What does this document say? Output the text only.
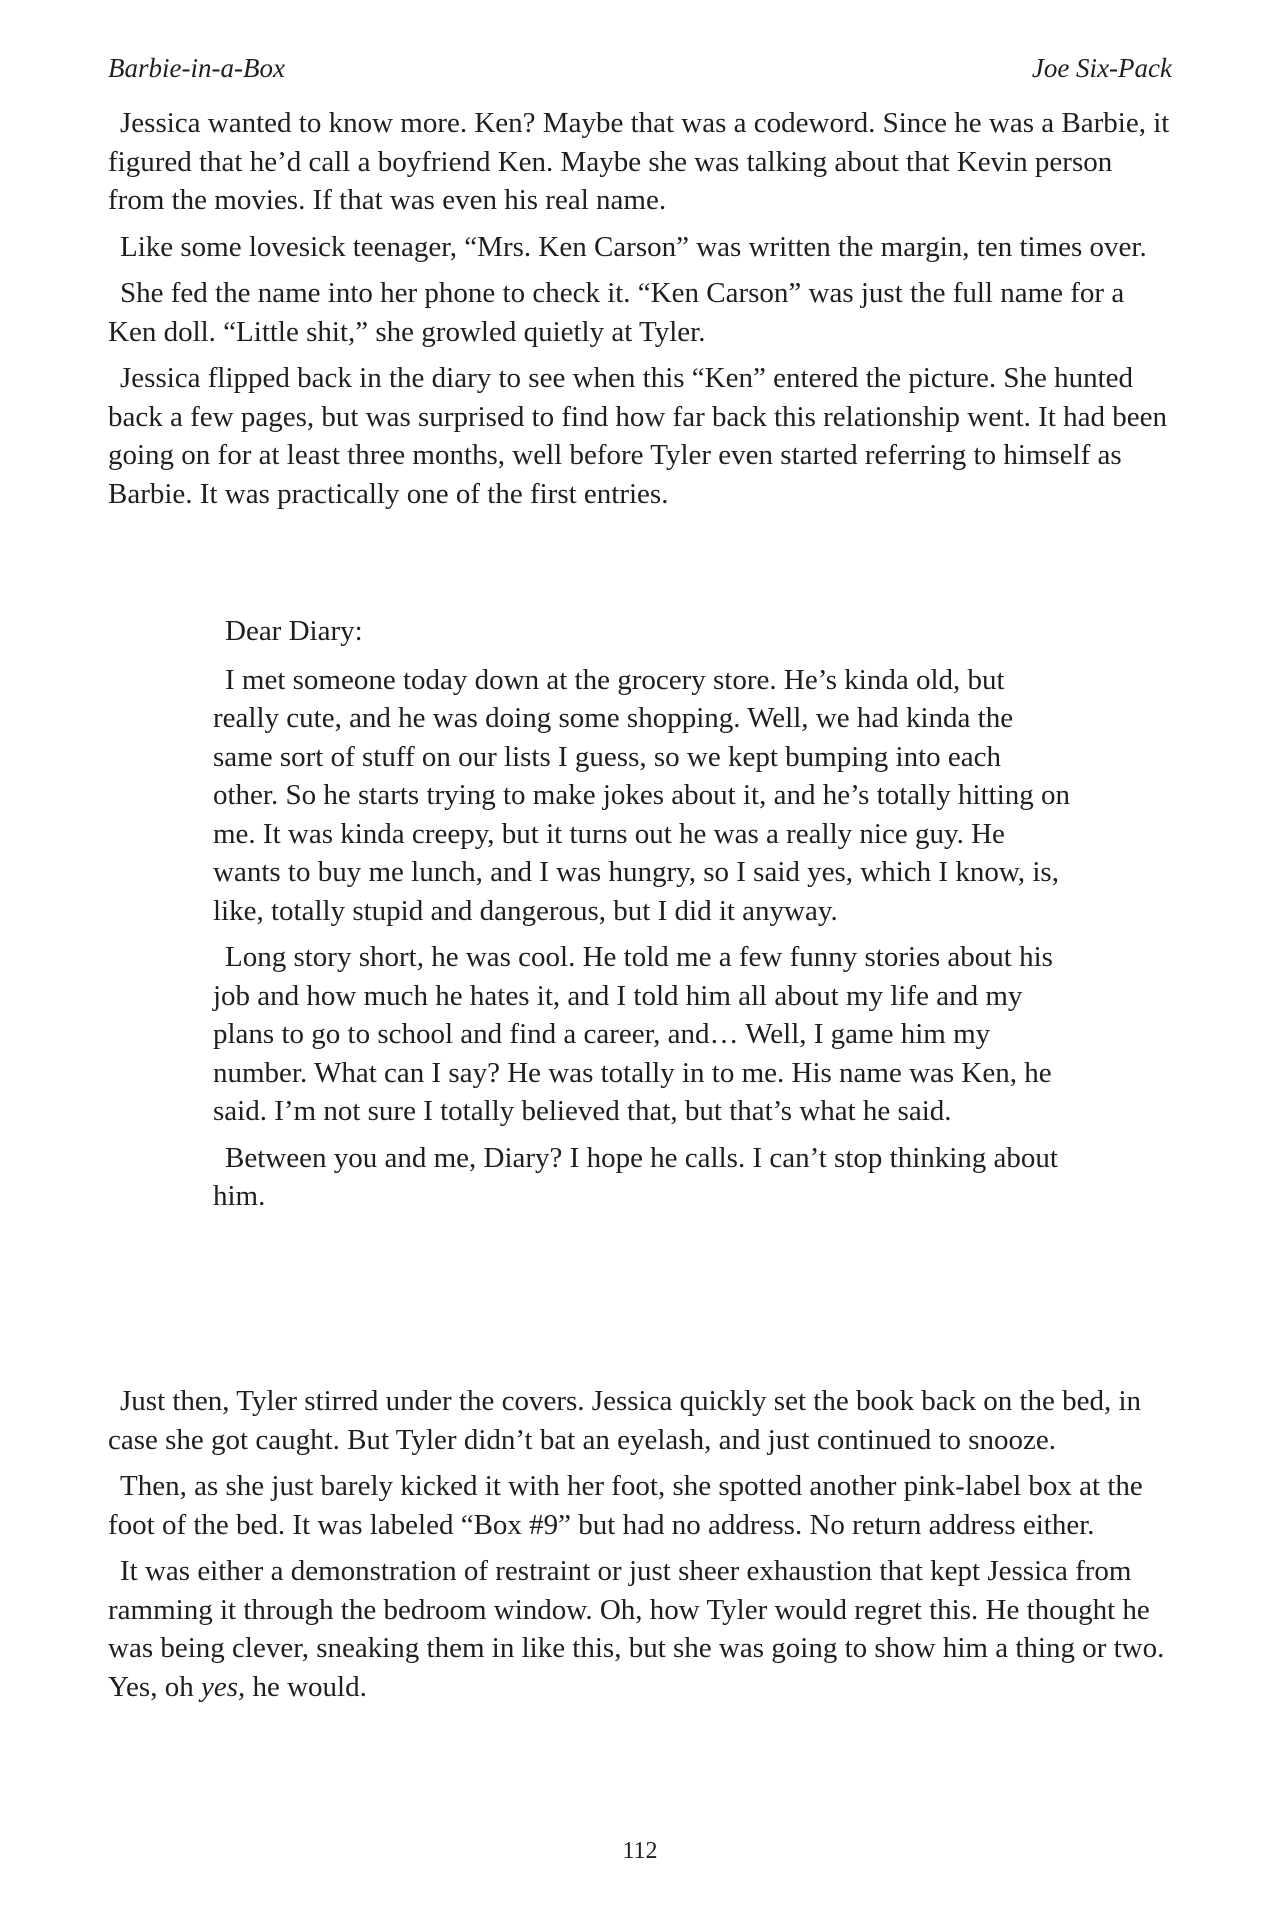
Barbie-in-a-Box	Joe Six-Pack

Jessica wanted to know more. Ken? Maybe that was a codeword. Since he was a Barbie, it figured that he’d call a boyfriend Ken. Maybe she was talking about that Kevin person from the movies. If that was even his real name.

Like some lovesick teenager, “Mrs. Ken Carson” was written the margin, ten times over.

She fed the name into her phone to check it. “Ken Carson” was just the full name for a Ken doll. “Little shit,” she growled quietly at Tyler.

Jessica flipped back in the diary to see when this “Ken” entered the picture. She hunted back a few pages, but was surprised to find how far back this relationship went. It had been going on for at least three months, well before Tyler even started referring to himself as Barbie. It was practically one of the first entries.

Dear Diary:

I met someone today down at the grocery store. He’s kinda old, but really cute, and he was doing some shopping. Well, we had kinda the same sort of stuff on our lists I guess, so we kept bumping into each other. So he starts trying to make jokes about it, and he’s totally hitting on me. It was kinda creepy, but it turns out he was a really nice guy. He wants to buy me lunch, and I was hungry, so I said yes, which I know, is, like, totally stupid and dangerous, but I did it anyway.

Long story short, he was cool. He told me a few funny stories about his job and how much he hates it, and I told him all about my life and my plans to go to school and find a career, and… Well, I game him my number. What can I say? He was totally in to me. His name was Ken, he said. I’m not sure I totally believed that, but that’s what he said.

Between you and me, Diary? I hope he calls. I can’t stop thinking about him.

Just then, Tyler stirred under the covers. Jessica quickly set the book back on the bed, in case she got caught. But Tyler didn’t bat an eyelash, and just continued to snooze.

Then, as she just barely kicked it with her foot, she spotted another pink-label box at the foot of the bed. It was labeled “Box #9” but had no address. No return address either.

It was either a demonstration of restraint or just sheer exhaustion that kept Jessica from ramming it through the bedroom window. Oh, how Tyler would regret this. He thought he was being clever, sneaking them in like this, but she was going to show him a thing or two. Yes, oh yes, he would.

112
